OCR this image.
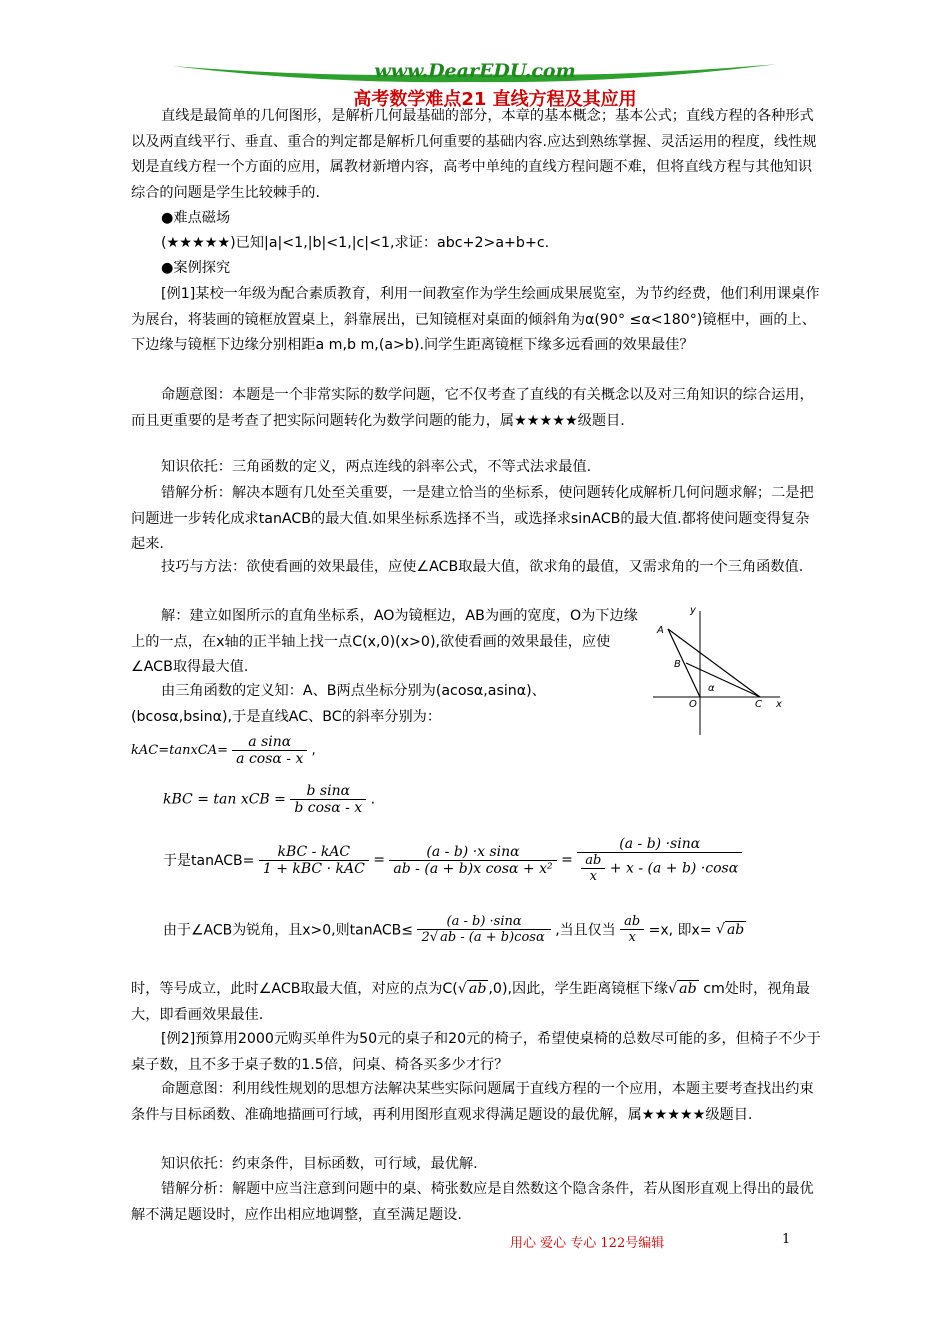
www.DearEDU.com
高考数学难点21 直线方程及其应用
直线是最简单的几何图形，是解析几何最基础的部分，本章的基本概念；基本公式；直线方程的各种形式以及两直线平行、垂直、重合的判定都是解析几何重要的基础内容.应达到熟练掌握、灵活运用的程度，线性规划是直线方程一个方面的应用，属教材新增内容，高考中单纯的直线方程问题不难，但将直线方程与其他知识综合的问题是学生比较棘手的.
●难点磁场
(★★★★★)已知|a|<1,|b|<1,|c|<1,求证：abc+2>a+b+c.
●案例探究
[例1]某校一年级为配合素质教育，利用一间教室作为学生绘画成果展览室，为节约经费，他们利用课桌作为展台，将装画的镜框放置桌上，斜靠展出，已知镜框对桌面的倾斜角为α(90° ≤α<180°)镜框中，画的上、下边缘与镜框下边缘分别相距a m,b m,(a>b).问学生距离镜框下缘多远看画的效果最佳？
命题意图：本题是一个非常实际的数学问题，它不仅考查了直线的有关概念以及对三角知识的综合运用，而且更重要的是考查了把实际问题转化为数学问题的能力，属★★★★★级题目.
知识依托：三角函数的定义，两点连线的斜率公式，不等式法求最值.
错解分析：解决本题有几处至关重要，一是建立恰当的坐标系，使问题转化成解析几何问题求解；二是把问题进一步转化成求tanACB的最大值.如果坐标系选择不当，或选择求sinACB的最大值.都将使问题变得复杂起来.
技巧与方法：欲使看画的效果最佳，应使∠ACB取最大值，欲求角的最值，又需求角的一个三角函数值.
解：建立如图所示的直角坐标系，AO为镜框边，AB为画的宽度，O为下边缘上的一点，在x轴的正半轴上找一点C(x,0)(x>0),欲使看画的效果最佳，应使∠ACB取得最大值.
由三角函数的定义知：A、B两点坐标分别为(acosα,asinα)、(bcosα,bsinα),于是直线AC、BC的斜率分别为：
y
x
A
B
O	C
α
kAC=tanxCA= $\frac{\text{a sinα}}{\text{a cosα - x}}$ ,
kBC = tan xCB = $\frac{\text{b sinα}}{\text{b cosα - x}}$ .
于是tanACB= $\frac{\text{kBC - kAC}}{\text{1 + kBC · kAC}} = \frac{\text{(a - b) ·x sinα}}{\text{ab - (a + b)x cosα + x²}} = \frac{(a - b) \cdot\sin\alpha}{\frac{ab}{x} + x - (a + b) \cdot\cos\alpha}$
由于∠ACB为锐角，且x>0,则tanACB≤ $\frac{(a - b) \cdot\sin\alpha}{2√ ab - (a + b)\cos\alpha}$ ,当且仅当 $\frac{ab}{x} =x$, 即x= √ ab
时，等号成立，此时∠ACB取最大值，对应的点为C(√ ab ,0),因此，学生距离镜框下缘√ ab cm处时，视角最大，即看画效果最佳.
[例2]预算用2000元购买单件为50元的桌子和20元的椅子，希望使桌椅的总数尽可能的多，但椅子不少于桌子数，且不多于桌子数的1.5倍，问桌、椅各买多少才行？
命题意图：利用线性规划的思想方法解决某些实际问题属于直线方程的一个应用，本题主要考查找出约束条件与目标函数、准确地描画可行域，再利用图形直观求得满足题设的最优解，属★★★★★级题目.
知识依托：约束条件，目标函数，可行域，最优解.
错解分析：解题中应当注意到问题中的桌、椅张数应是自然数这个隐含条件，若从图形直观上得出的最优解不满足题设时，应作出相应地调整，直至满足题设.
用心 爱心 专心 122号编辑	1
